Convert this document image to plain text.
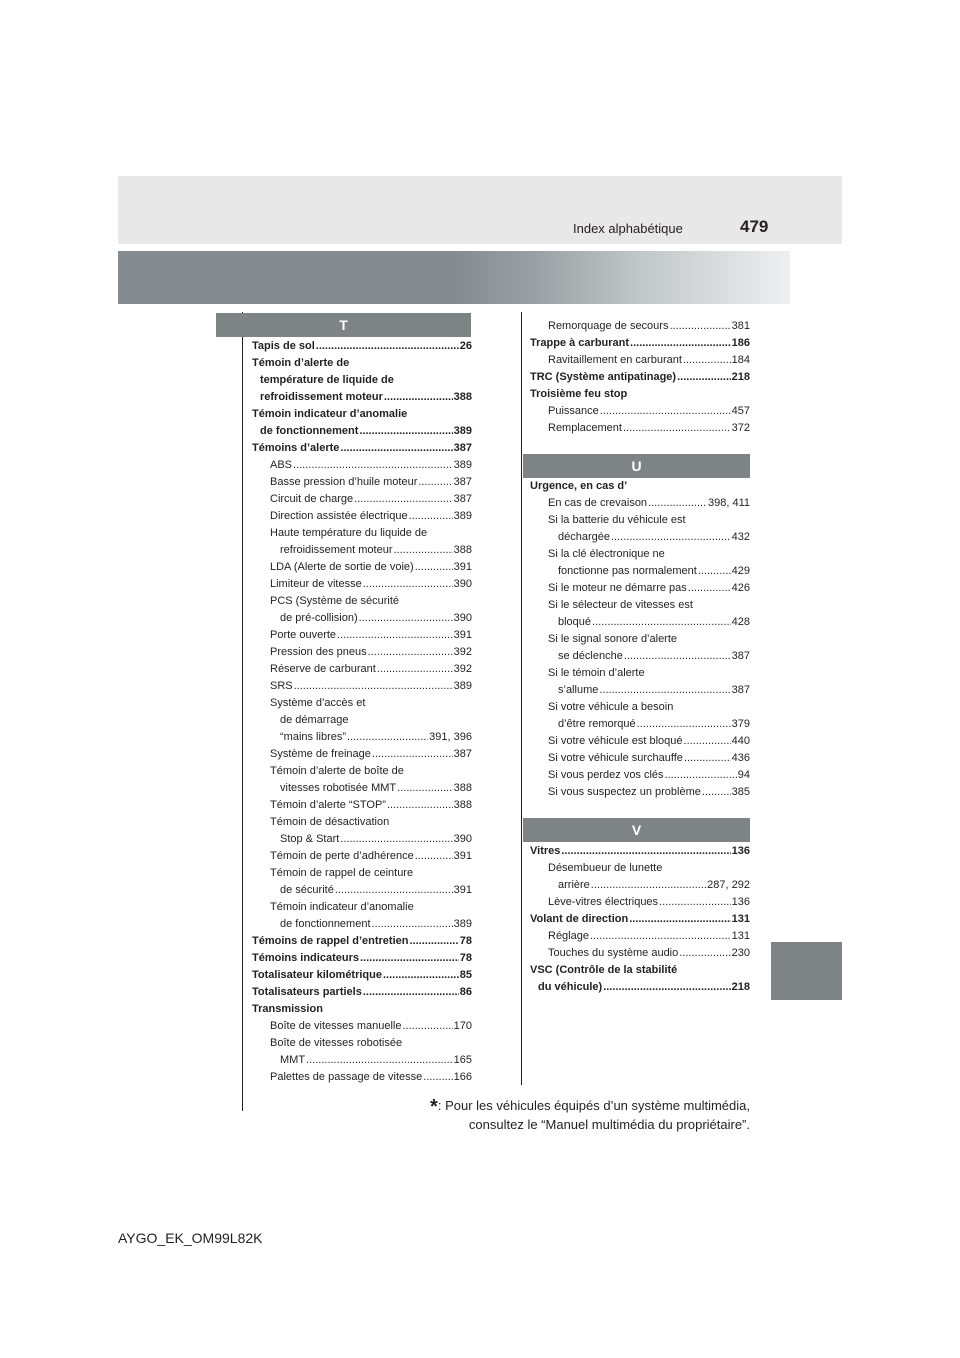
Index alphabétique	479
T
U
V
Tapis de sol .....	26
Témoin d’alerte de
température de liquide de
refroidissement moteur .....	388
Témoin indicateur d’anomalie
de fonctionnement .....	389
Témoins d’alerte .....	387
ABS .....	389
Basse pression d’huile moteur .....	387
Circuit de charge .....	387
Direction assistée électrique .....	389
Haute température du liquide de
refroidissement moteur .....	388
LDA (Alerte de sortie de voie) .....	391
Limiteur de vitesse .....	390
PCS (Système de sécurité
de pré-collision) .....	390
Porte ouverte .....	391
Pression des pneus .....	392
Réserve de carburant .....	392
SRS .....	389
Système d’accès et
de démarrage
“mains libres” .....	391, 396
Système de freinage .....	387
Témoin d’alerte de boîte de
vitesses robotisée MMT .....	388
Témoin d’alerte “STOP” .....	388
Témoin de désactivation
Stop & Start .....	390
Témoin de perte d’adhérence .....	391
Témoin de rappel de ceinture
de sécurité .....	391
Témoin indicateur d’anomalie
de fonctionnement .....	389
Témoins de rappel d’entretien .....	78
Témoins indicateurs .....	78
Totalisateur kilométrique .....	85
Totalisateurs partiels .....	86
Transmission
Boîte de vitesses manuelle .....	170
Boîte de vitesses robotisée
MMT .....	165
Palettes de passage de vitesse .....	166
Remorquage de secours .....	381
Trappe à carburant .....	186
Ravitaillement en carburant .....	184
TRC (Système antipatinage) .....	218
Troisième feu stop
Puissance .....	457
Remplacement .....	372
Urgence, en cas d’
En cas de crevaison .....	398, 411
Si la batterie du véhicule est
déchargée .....	432
Si la clé électronique ne
fonctionne pas normalement .....	429
Si le moteur ne démarre pas .....	426
Si le sélecteur de vitesses est
bloqué .....	428
Si le signal sonore d’alerte
se déclenche .....	387
Si le témoin d’alerte
s’allume .....	387
Si votre véhicule a besoin
d’être remorqué .....	379
Si votre véhicule est bloqué .....	440
Si votre véhicule surchauffe .....	436
Si vous perdez vos clés .....	94
Si vous suspectez un problème .....	385
Vitres .....	136
Désembueur de lunette
arrière .....	287, 292
Lève-vitres électriques .....	136
Volant de direction .....	131
Réglage .....	131
Touches du système audio .....	230
VSC (Contrôle de la stabilité
du véhicule) .....	218
*: Pour les véhicules équipés d’un système multimédia,
consultez le “Manuel multimédia du propriétaire”.
AYGO_EK_OM99L82K
